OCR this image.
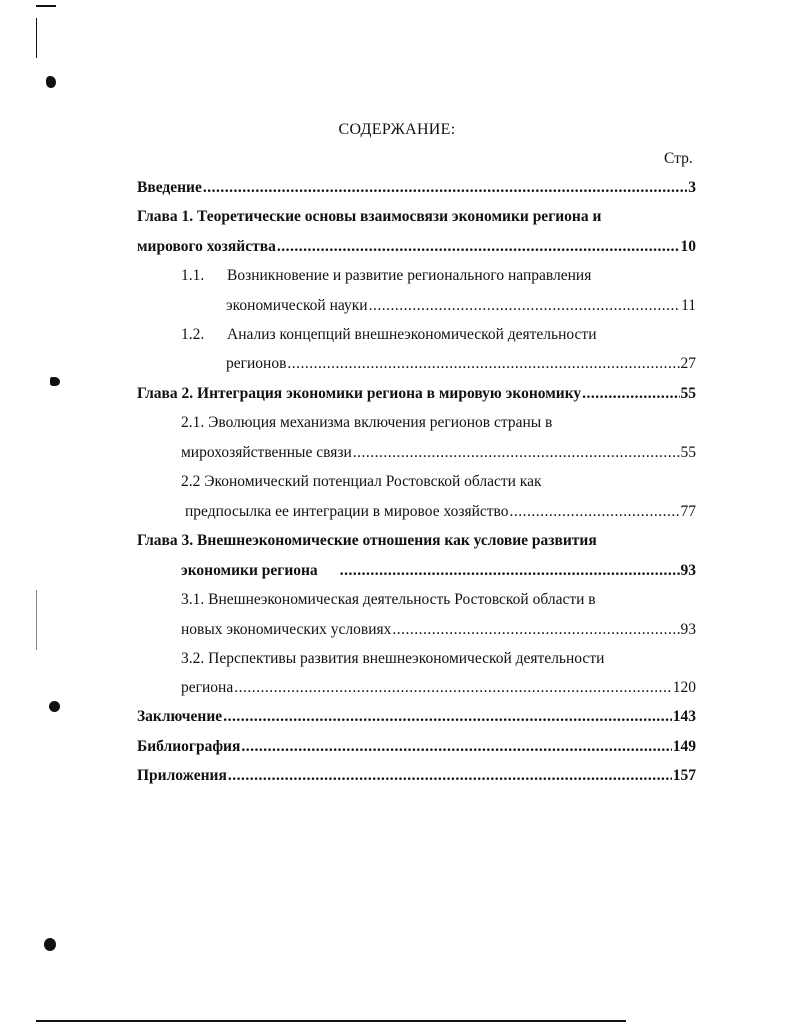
СОДЕРЖАНИЕ:
Стр.
Введение .....	3
Глава 1. Теоретические основы взаимосвязи экономики региона и
мирового хозяйства .....	10
1.1. Возникновение и развитие регионального направления
экономической науки .....	11
1.2. Анализ концепций внешнеэкономической деятельности
регионов .....	27
Глава 2. Интеграция экономики региона в мировую экономику .....	55
2.1. Эволюция механизма включения регионов страны в
мирохозяйственные связи .....	55
2.2 Экономический потенциал Ростовской области как
предпосылка ее интеграции в мировое хозяйство .....	77
Глава 3. Внешнеэкономические отношения как условие развития
экономики региона .....	93
3.1. Внешнеэкономическая деятельность Ростовской области в
новых экономических условиях .....	93
3.2. Перспективы развития внешнеэкономической деятельности
региона .....	120
Заключение .....	143
Библиография .....	149
Приложения .....	157
